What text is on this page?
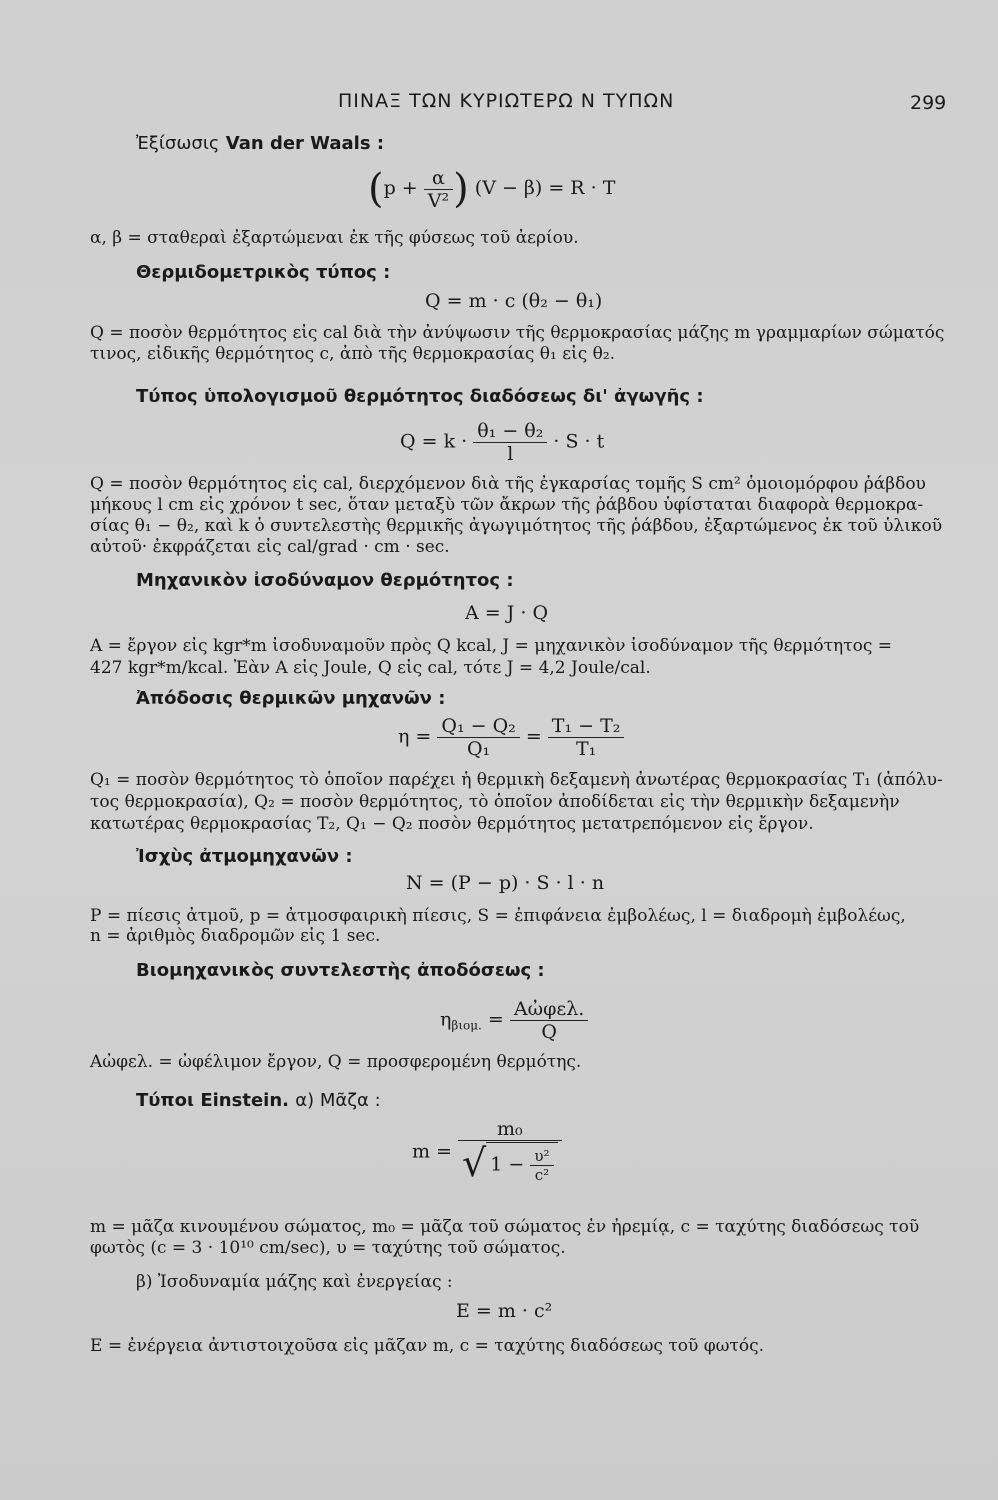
ΠΙΝΑΞ ΤΩΝ ΚΥΡΙΩΤΕΡΩ Ν ΤΥΠΩΝ	299
Ἐξίσωσις Van der Waals :
($p + \frac{\alpha}{\text{V²}}$ ) (V − β) = R · T
α, β = σταθεραὶ ἐξαρτώμεναι ἐκ τῆς φύσεως τοῦ ἀερίου.
Θερμιδομετρικὸς τύπος :
Q = m · c (θ₂ − θ₁)
Q = ποσὸν θερμότητος εἰς cal διὰ τὴν ἀνύψωσιν τῆς θερμοκρασίας μάζης m γραμμαρίων σώματός
τινος, εἰδικῆς θερμότητος c, ἀπὸ τῆς θερμοκρασίας θ₁ εἰς θ₂.
Τύπος ὑπολογισμοῦ θερμότητος διαδόσεως δι' ἀγωγῆς :
$Q = k \cdot \frac{\text{θ₁ − θ₂}}{l} \cdot S \cdot t$
Q = ποσὸν θερμότητος εἰς cal, διερχόμενον διὰ τῆς ἐγκαρσίας τομῆς S cm² ὁμοιομόρφου ῥάβδου
μήκους l cm εἰς χρόνον t sec, ὅταν μεταξὺ τῶν ἄκρων τῆς ῥάβδου ὑφίσταται διαφορὰ θερμοκρα-
σίας θ₁ − θ₂, καὶ k ὁ συντελεστὴς θερμικῆς ἀγωγιμότητος τῆς ῥάβδου, ἐξαρτώμενος ἐκ τοῦ ὑλικοῦ
αὐτοῦ· ἐκφράζεται εἰς cal/grad · cm · sec.
Μηχανικὸν ἰσοδύναμον θερμότητος :
A = J · Q
A = ἔργον εἰς kgr*m ἰσοδυναμοῦν πρὸς Q kcal, J = μηχανικὸν ἰσοδύναμον τῆς θερμότητος =
427 kgr*m/kcal. Ἐὰν A εἰς Joule, Q εἰς cal, τότε J = 4,2 Joule/cal.
Ἀπόδοσις θερμικῶν μηχανῶν :
$\eta = \frac{\text{Q₁ − Q₂}}{\text{Q₁}} = \frac{\text{T₁ − T₂}}{\text{T₁}}$
Q₁ = ποσὸν θερμότητος τὸ ὁποῖον παρέχει ἡ θερμικὴ δεξαμενὴ ἀνωτέρας θερμοκρασίας T₁ (ἀπόλυ-
τος θερμοκρασία), Q₂ = ποσὸν θερμότητος, τὸ ὁποῖον ἀποδίδεται εἰς τὴν θερμικὴν δεξαμενὴν
κατωτέρας θερμοκρασίας T₂, Q₁ − Q₂ ποσὸν θερμότητος μετατρεπόμενον εἰς ἔργον.
Ἰσχὺς ἀτμομηχανῶν :
N = (P − p) · S · l · n
P = πίεσις ἀτμοῦ, p = ἀτμοσφαιρικὴ πίεσις, S = ἐπιφάνεια ἐμβολέως, l = διαδρομὴ ἐμβολέως,
n = ἀριθμὸς διαδρομῶν εἰς 1 sec.
Βιομηχανικὸς συντελεστὴς ἀποδόσεως :
$\eta_{\beta\iota o\mu.} = \frac{\text{Aὠφελ.}}{Q}$
Aὠφελ. = ὠφέλιμον ἔργον, Q = προσφερομένη θερμότης.
Τύποι Einstein. α) Μᾶζα :
$m = \frac{\text{m₀}}{√ 1 - \frac{\text{υ²}}{\text{c²}}}$
m = μᾶζα κινουμένου σώματος, m₀ = μᾶζα τοῦ σώματος ἐν ἠρεμίᾳ, c = ταχύτης διαδόσεως τοῦ
φωτὸς (c = 3 · 10¹⁰ cm/sec), υ = ταχύτης τοῦ σώματος.
β) Ἰσοδυναμία μάζης καὶ ἐνεργείας :
E = m · c²
E = ἐνέργεια ἀντιστοιχοῦσα εἰς μᾶζαν m, c = ταχύτης διαδόσεως τοῦ φωτός.
